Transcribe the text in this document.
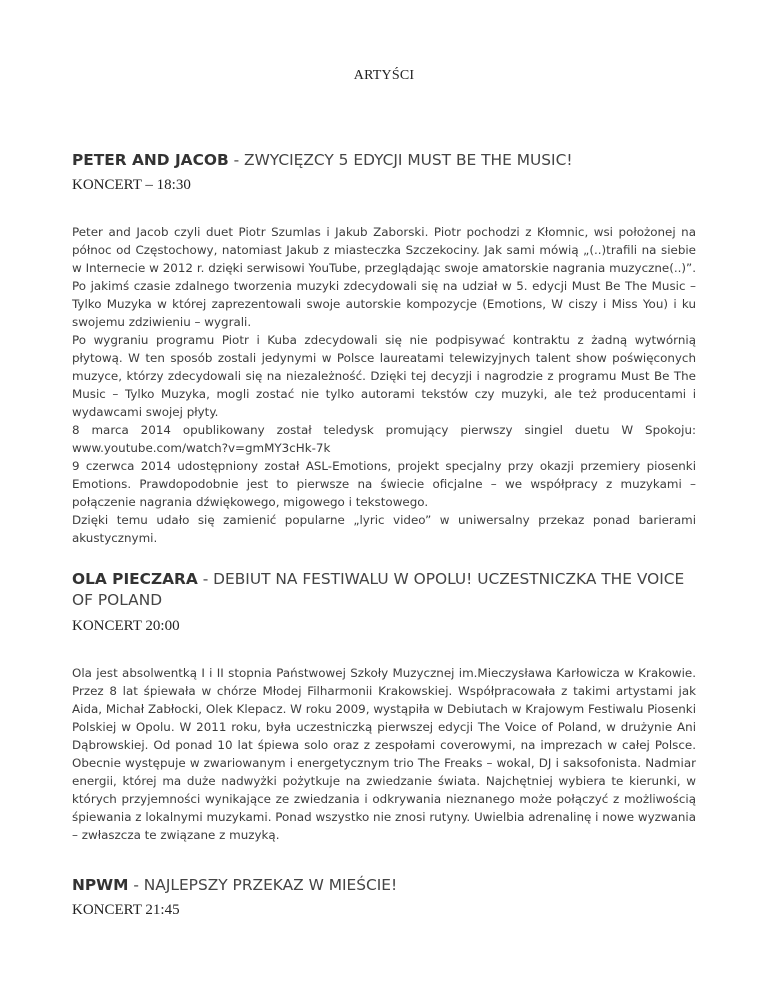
ARTYŚCI
PETER AND JACOB - ZWYCIĘZCY 5 EDYCJI MUST BE THE MUSIC!
KONCERT – 18:30

Peter and Jacob czyli duet Piotr Szumlas i Jakub Zaborski. Piotr pochodzi z Kłomnic, wsi położonej na północ od Częstochowy, natomiast Jakub z miasteczka Szczekociny. Jak sami mówią „(..)trafili na siebie w Internecie w 2012 r. dzięki serwisowi YouTube, przeglądając swoje amatorskie nagrania muzyczne(..)”. Po jakimś czasie zdalnego tworzenia muzyki zdecydowali się na udział w 5. edycji Must Be The Music – Tylko Muzyka w której zaprezentowali swoje autorskie kompozycje (Emotions, W ciszy i Miss You) i ku swojemu zdziwieniu – wygrali.

Po wygraniu programu Piotr i Kuba zdecydowali się nie podpisywać kontraktu z żadną wytwórnią płytową. W ten sposób zostali jedynymi w Polsce laureatami telewizyjnych talent show poświęconych muzyce, którzy zdecydowali się na niezależność. Dzięki tej decyzji i nagrodzie z programu Must Be The Music – Tylko Muzyka, mogli zostać nie tylko autorami tekstów czy muzyki, ale też producentami i wydawcami swojej płyty.

8 marca 2014 opublikowany został teledysk promujący pierwszy singiel duetu W Spokoju: www.youtube.com/watch?v=gmMY3cHk-7k

9 czerwca 2014 udostępniony został ASL-Emotions, projekt specjalny przy okazji przemiery piosenki Emotions. Prawdopodobnie jest to pierwsze na świecie oficjalne – we współpracy z muzykami – połączenie nagrania dźwiękowego, migowego i tekstowego.

Dzięki temu udało się zamienić popularne „lyric video” w uniwersalny przekaz ponad barierami akustycznymi.

OLA PIECZARA - DEBIUT NA FESTIWALU W OPOLU! UCZESTNICZKA THE VOICE OF POLAND
KONCERT 20:00

Ola jest absolwentką I i II stopnia Państwowej Szkoły Muzycznej im.Mieczysława Karłowicza w Krakowie. Przez 8 lat śpiewała w chórze Młodej Filharmonii Krakowskiej. Współpracowała z takimi artystami jak Aida, Michał Zabłocki, Olek Klepacz. W roku 2009, wystąpiła w Debiutach w Krajowym Festiwalu Piosenki Polskiej w Opolu. W 2011 roku, była uczestniczką pierwszej edycji The Voice of Poland, w drużynie Ani Dąbrowskiej. Od ponad 10 lat śpiewa solo oraz z zespołami coverowymi, na imprezach w całej Polsce. Obecnie występuje w zwariowanym i energetycznym trio The Freaks – wokal, DJ i saksofonista. Nadmiar energii, której ma duże nadwyżki pożytkuje na zwiedzanie świata. Najchętniej wybiera te kierunki, w których przyjemności wynikające ze zwiedzania i odkrywania nieznanego może połączyć z możliwością śpiewania z lokalnymi muzykami. Ponad wszystko nie znosi rutyny. Uwielbia adrenalinę i nowe wyzwania – zwłaszcza te związane z muzyką.

NPWM - NAJLEPSZY PRZEKAZ W MIEŚCIE!
KONCERT 21:45
